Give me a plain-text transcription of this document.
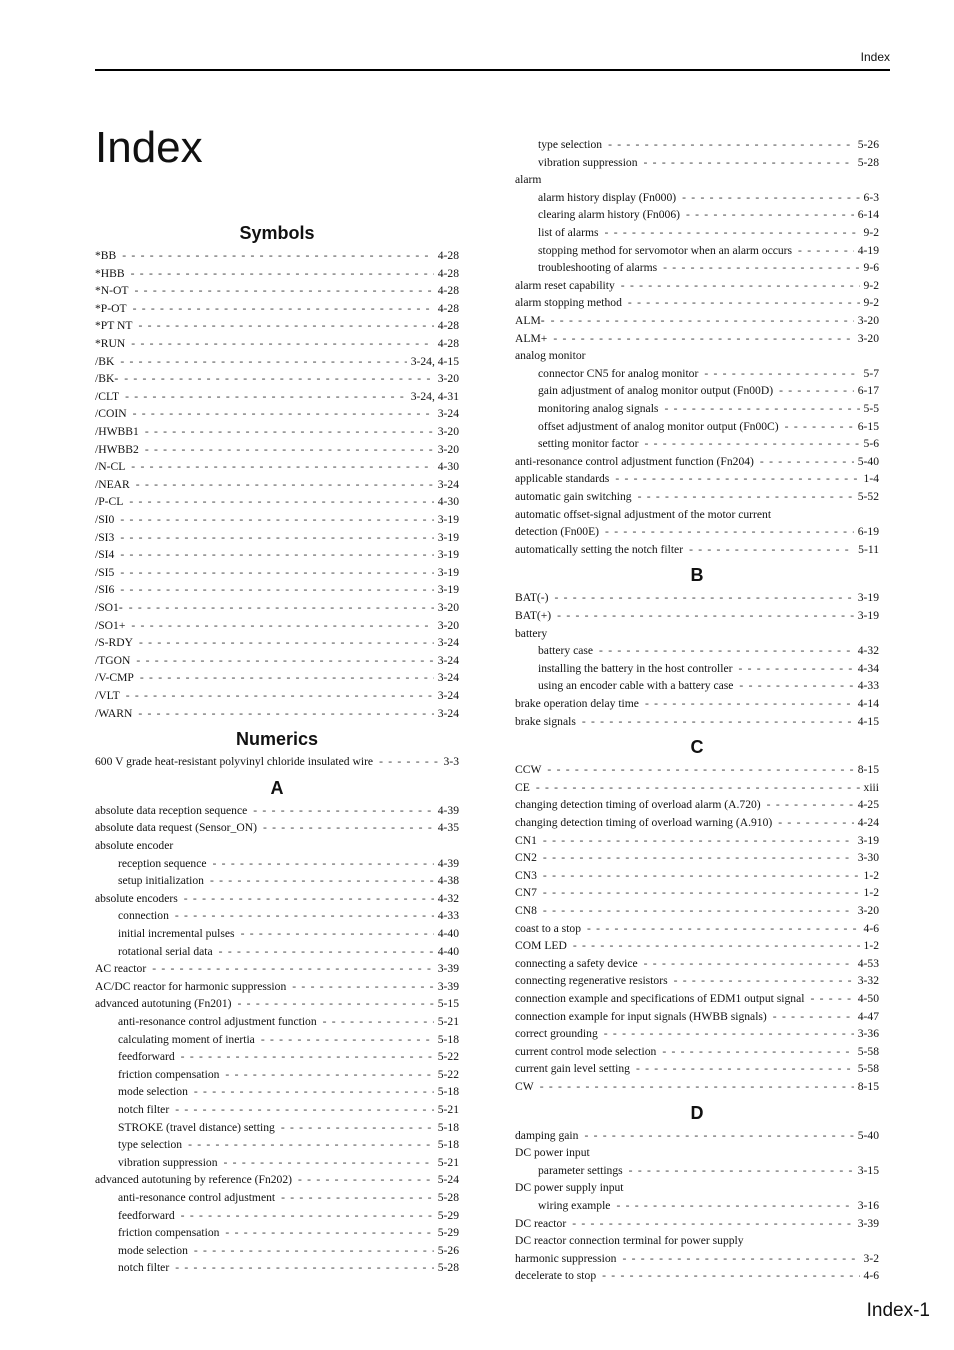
Index
Index
Symbols
*BB - - -	4-28
*HBB - - -	4-28
*N-OT - - -	4-28
*P-OT - - -	4-28
*PT NT - - -	4-28
*RUN - - -	4-28
/BK - - -	3-24, 4-15
/BK- - - -	3-20
/CLT - - -	3-24, 4-31
/COIN - - -	3-24
/HWBB1 - - -	3-20
/HWBB2 - - -	3-20
/N-CL - - -	4-30
/NEAR - - -	3-24
/P-CL - - -	4-30
/SI0 - - -	3-19
/SI3 - - -	3-19
/SI4 - - -	3-19
/SI5 - - -	3-19
/SI6 - - -	3-19
/SO1- - - -	3-20
/SO1+ - - -	3-20
/S-RDY - - -	3-24
/TGON - - -	3-24
/V-CMP - - -	3-24
/VLT - - -	3-24
/WARN - - -	3-24
Numerics
600 V grade heat-resistant polyvinyl chloride insulated wire - - -	3-3
A
absolute data reception sequence - - -	4-39
absolute data request (Sensor_ON) - - -	4-35
absolute encoder
reception sequence - - -	4-39
setup initialization - - -	4-38
absolute encoders - - -	4-32
connection - - -	4-33
initial incremental pulses - - -	4-40
rotational serial data - - -	4-40
AC reactor - - -	3-39
AC/DC reactor for harmonic suppression - - -	3-39
advanced autotuning (Fn201) - - -	5-15
anti-resonance control adjustment function - - -	5-21
calculating moment of inertia - - -	5-18
feedforward - - -	5-22
friction compensation - - -	5-22
mode selection - - -	5-18
notch filter - - -	5-21
STROKE (travel distance) setting - - -	5-18
type selection - - -	5-18
vibration suppression - - -	5-21
advanced autotuning by reference (Fn202) - - -	5-24
anti-resonance control adjustment - - -	5-28
feedforward - - -	5-29
friction compensation - - -	5-29
mode selection - - -	5-26
notch filter - - -	5-28
type selection - - -	5-26
vibration suppression - - -	5-28
alarm
alarm history display (Fn000) - - -	6-3
clearing alarm history (Fn006) - - -	6-14
list of alarms - - -	9-2
stopping method for servomotor when an alarm occurs - - -	4-19
troubleshooting of alarms - - -	9-6
alarm reset capability - - -	9-2
alarm stopping method - - -	9-2
ALM- - - -	3-20
ALM+ - - -	3-20
analog monitor
connector CN5 for analog monitor - - -	5-7
gain adjustment of analog monitor output (Fn00D) - - -	6-17
monitoring analog signals - - -	5-5
offset adjustment of analog monitor output (Fn00C) - - -	6-15
setting monitor factor - - -	5-6
anti-resonance control adjustment function (Fn204) - - -	5-40
applicable standards - - -	1-4
automatic gain switching - - -	5-52
automatic offset-signal adjustment of the motor current
detection (Fn00E) - - -	6-19
automatically setting the notch filter - - -	5-11
B
BAT(-) - - -	3-19
BAT(+) - - -	3-19
battery
battery case - - -	4-32
installing the battery in the host controller - - -	4-34
using an encoder cable with a battery case - - -	4-33
brake operation delay time - - -	4-14
brake signals - - -	4-15
C
CCW - - -	8-15
CE - - -	xiii
changing detection timing of overload alarm (A.720) - - -	4-25
changing detection timing of overload warning (A.910) - - -	4-24
CN1 - - -	3-19
CN2 - - -	3-30
CN3 - - -	1-2
CN7 - - -	1-2
CN8 - - -	3-20
coast to a stop - - -	4-6
COM LED - - -	1-2
connecting a safety device - - -	4-53
connecting regenerative resistors - - -	3-32
connection example and specifications of EDM1 output signal - - -	4-50
connection example for input signals (HWBB signals) - - -	4-47
correct grounding - - -	3-36
current control mode selection - - -	5-58
current gain level setting - - -	5-58
CW - - -	8-15
D
damping gain - - -	5-40
DC power input
parameter settings - - -	3-15
DC power supply input
wiring example - - -	3-16
DC reactor - - -	3-39
DC reactor connection terminal for power supply
harmonic suppression - - -	3-2
decelerate to stop - - -	4-6
Index-1
